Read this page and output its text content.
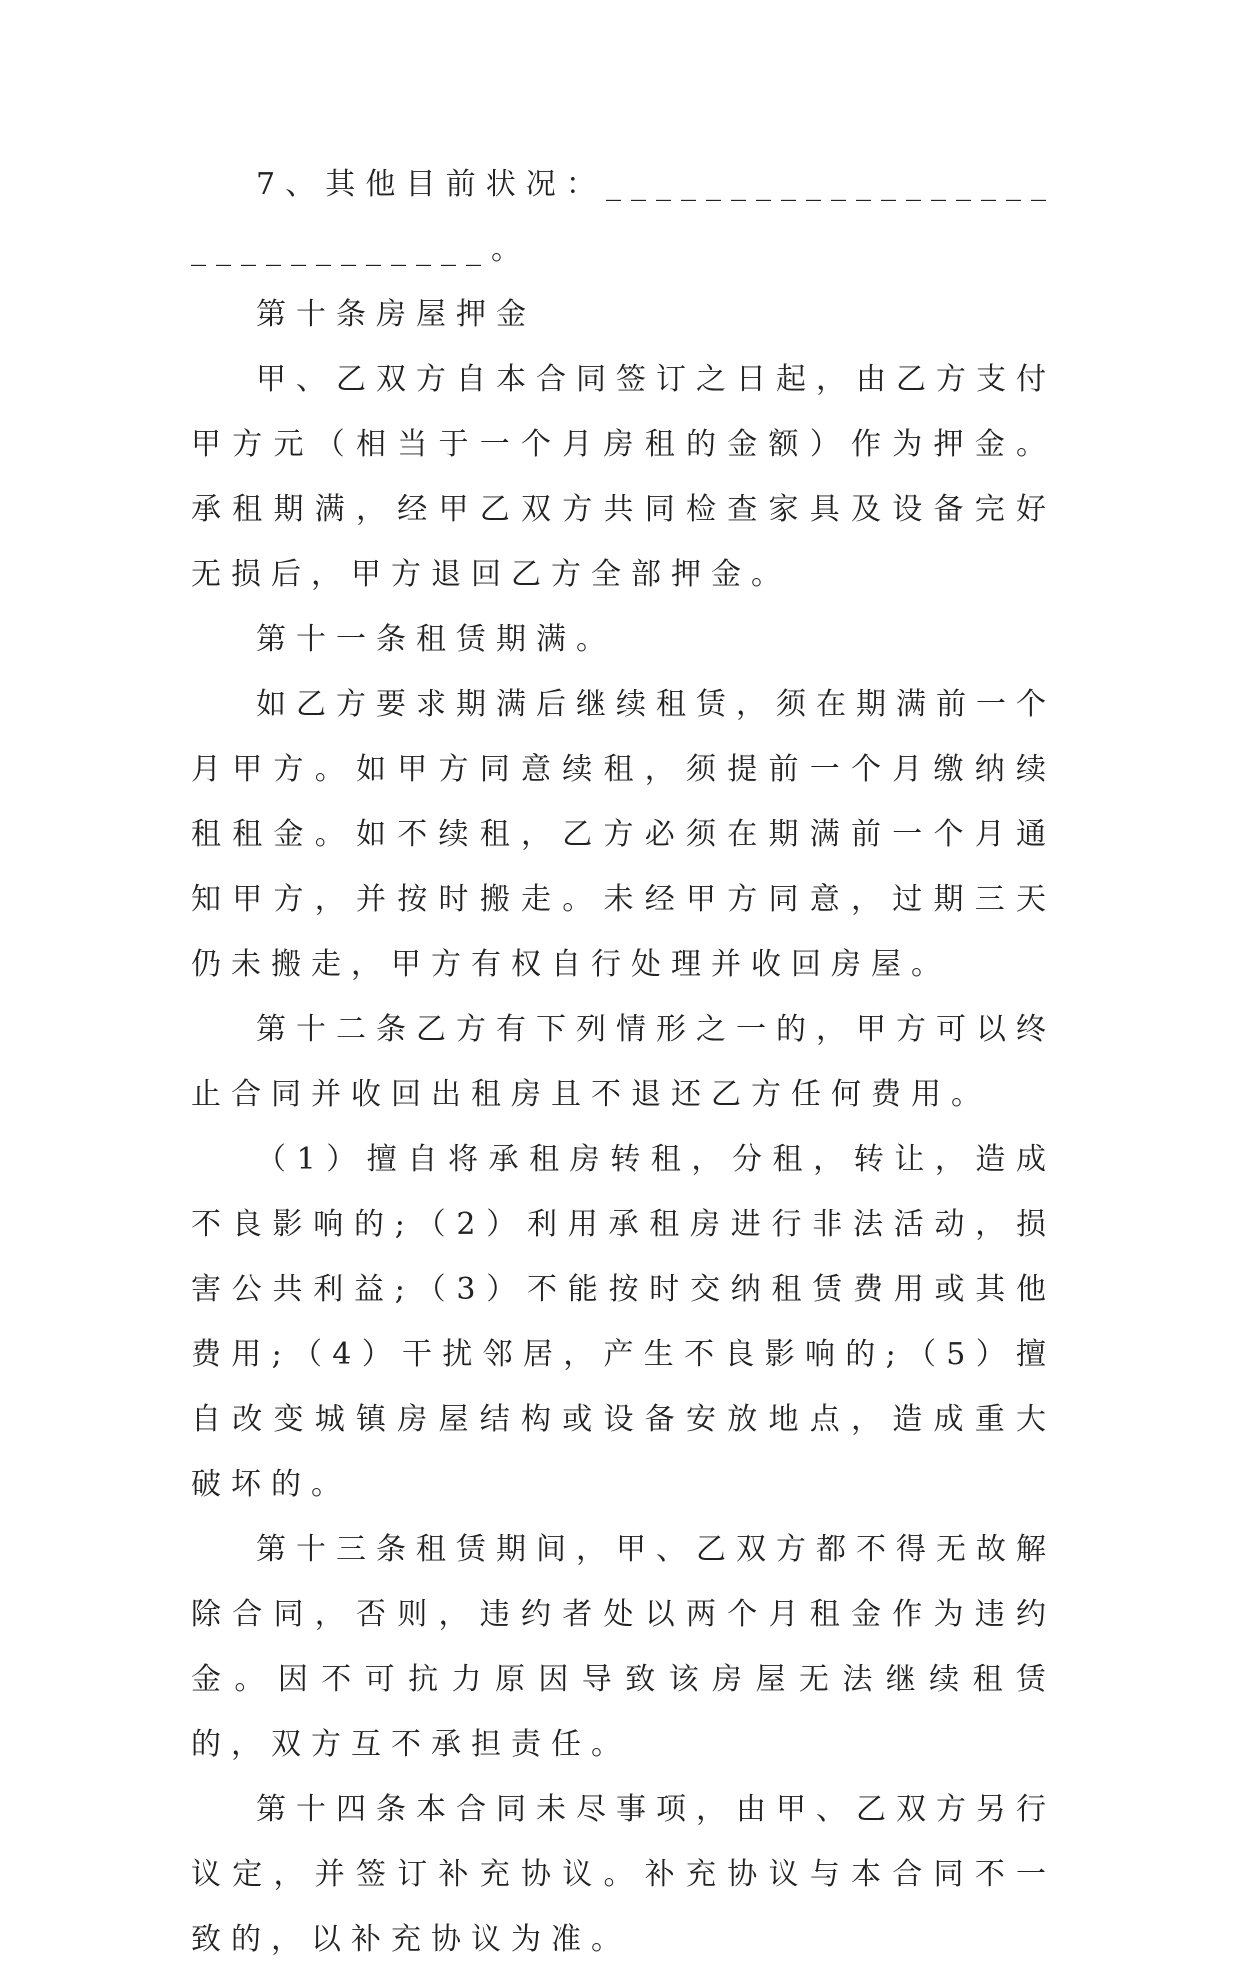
7、其他目前状况：______________________________。

第十条房屋押金

甲、乙双方自本合同签订之日起，由乙方支付甲方元（相当于一个月房租的金额）作为押金。承租期满，经甲乙双方共同检查家具及设备完好无损后，甲方退回乙方全部押金。

第十一条租赁期满。

如乙方要求期满后继续租赁，须在期满前一个月甲方。如甲方同意续租，须提前一个月缴纳续租租金。如不续租，乙方必须在期满前一个月通知甲方，并按时搬走。未经甲方同意，过期三天仍未搬走，甲方有权自行处理并收回房屋。

第十二条乙方有下列情形之一的，甲方可以终止合同并收回出租房且不退还乙方任何费用。

（1）擅自将承租房转租，分租，转让，造成不良影响的;（2）利用承租房进行非法活动，损害公共利益;（3）不能按时交纳租赁费用或其他费用;（4）干扰邻居，产生不良影响的;（5）擅自改变城镇房屋结构或设备安放地点，造成重大破坏的。

第十三条租赁期间，甲、乙双方都不得无故解除合同，否则，违约者处以两个月租金作为违约金。因不可抗力原因导致该房屋无法继续租赁的，双方互不承担责任。

第十四条本合同未尽事项，由甲、乙双方另行议定，并签订补充协议。补充协议与本合同不一致的，以补充协议为准。
